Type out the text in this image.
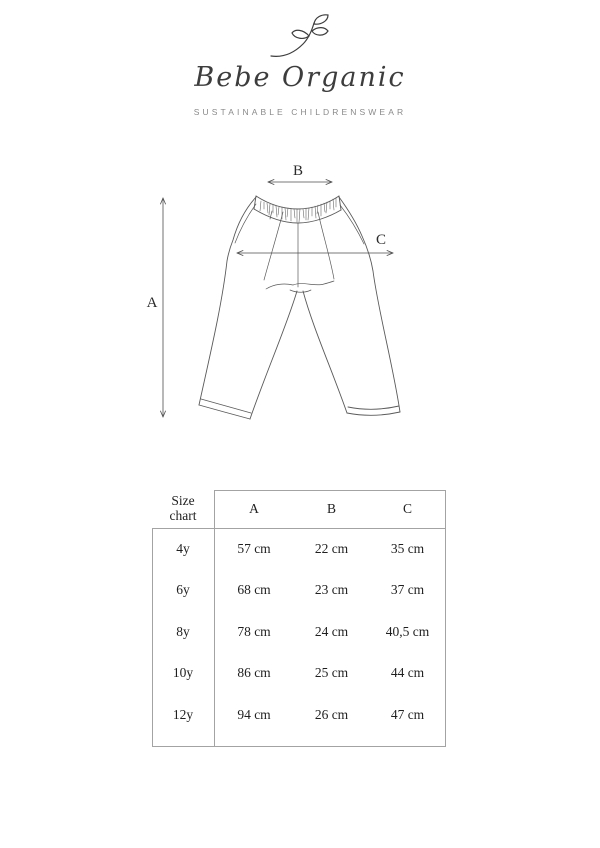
Bebe Organic
SUSTAINABLE CHILDRENSWEAR
A
B
C
Size
chart	A	B	C
4y	57 cm	22 cm	35 cm
6y	68 cm	23 cm	37 cm
8y	78 cm	24 cm	40,5 cm
10y	86 cm	25 cm	44 cm
12y	94 cm	26 cm	47 cm
